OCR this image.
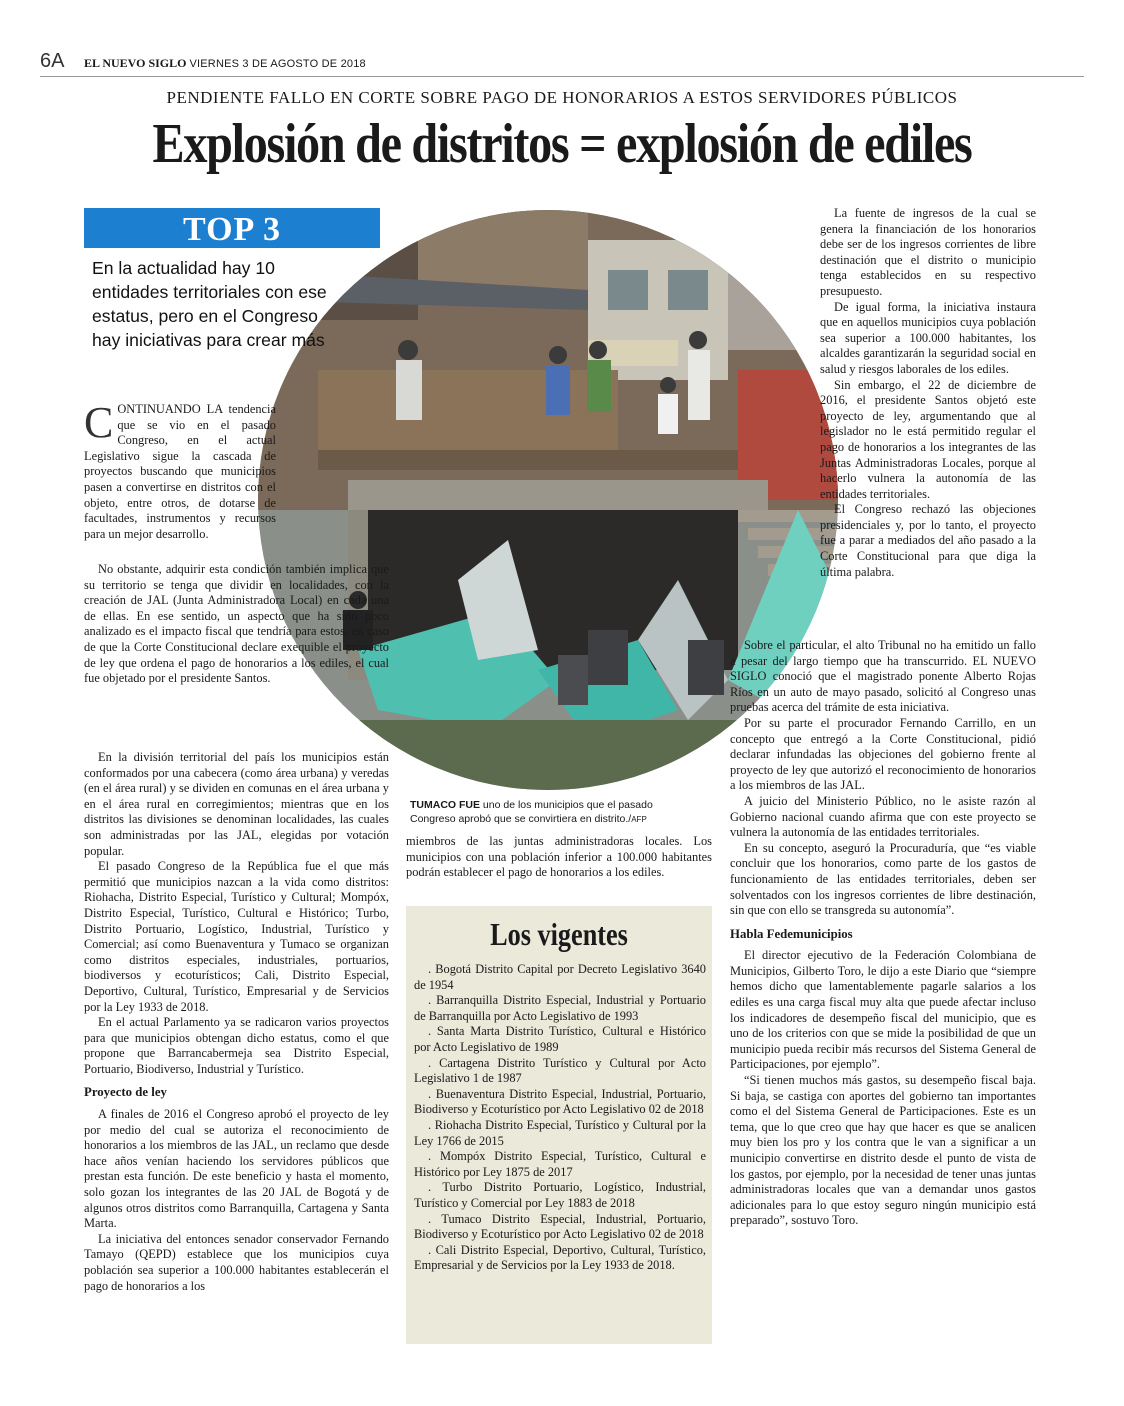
6A EL NUEVO SIGLO VIERNES 3 DE AGOSTO DE 2018
PENDIENTE FALLO EN CORTE SOBRE PAGO DE HONORARIOS A ESTOS SERVIDORES PÚBLICOS
Explosión de distritos = explosión de ediles
TOP 3
En la actualidad hay 10 entidades territoriales con ese estatus, pero en el Congreso hay iniciativas para crear más
TUMACO FUE uno de los municipios que el pasado Congreso aprobó que se convirtiera en distrito./AFP

CONTINUANDO LA tendencia que se vio en el pasado Congreso, en el actual Legislativo sigue la cascada de proyectos buscando que municipios pasen a convertirse en distritos con el objeto, entre otros, de dotarse de facultades, instrumentos y recursos para un mejor desarrollo.

No obstante, adquirir esta condición también implica que su territorio se tenga que dividir en localidades, con la creación de JAL (Junta Administradora Local) en cada una de ellas. En ese sentido, un aspecto que ha sido poco analizado es el impacto fiscal que tendría para estos, en caso de que la Corte Constitucional declare exequible el proyecto de ley que ordena el pago de honorarios a los ediles, el cual fue objetado por el presidente Santos.

En la división territorial del país los municipios están conformados por una cabecera (como área urbana) y veredas (en el área rural) y se dividen en comunas en el área urbana y en el área rural en corregimientos; mientras que en los distritos las divisiones se denominan localidades, las cuales son administradas por las JAL, elegidas por votación popular.

El pasado Congreso de la República fue el que más permitió que municipios nazcan a la vida como distritos: Riohacha, Distrito Especial, Turístico y Cultural; Mompóx, Distrito Especial, Turístico, Cultural e Histórico; Turbo, Distrito Portuario, Logístico, Industrial, Turístico y Comercial; así como Buenaventura y Tumaco se organizan como distritos especiales, industriales, portuarios, biodiversos y ecoturísticos; Cali, Distrito Especial, Deportivo, Cultural, Turístico, Empresarial y de Servicios por la Ley 1933 de 2018.

En el actual Parlamento ya se radicaron varios proyectos para que municipios obtengan dicho estatus, como el que propone que Barrancabermeja sea Distrito Especial, Portuario, Biodiverso, Industrial y Turístico.

Proyecto de ley

A finales de 2016 el Congreso aprobó el proyecto de ley por medio del cual se autoriza el reconocimiento de honorarios a los miembros de las JAL, un reclamo que desde hace años venían haciendo los servidores públicos que prestan esta función. De este beneficio y hasta el momento, solo gozan los integrantes de las 20 JAL de Bogotá y de algunos otros distritos como Barranquilla, Cartagena y Santa Marta.

La iniciativa del entonces senador conservador Fernando Tamayo (QEPD) establece que los municipios cuya población sea superior a 100.000 habitantes establecerán el pago de honorarios a los

miembros de las juntas administradoras locales. Los municipios con una población inferior a 100.000 habitantes podrán establecer el pago de honorarios a los ediles.

Los vigentes
. Bogotá Distrito Capital por Decreto Legislativo 3640 de 1954
. Barranquilla Distrito Especial, Industrial y Portuario de Barranquilla por Acto Legislativo de 1993
. Santa Marta Distrito Turístico, Cultural e Histórico por Acto Legislativo de 1989
. Cartagena Distrito Turístico y Cultural por Acto Legislativo 1 de 1987
. Buenaventura Distrito Especial, Industrial, Portuario, Biodiverso y Ecoturístico por Acto Legislativo 02 de 2018
. Riohacha Distrito Especial, Turístico y Cultural por la Ley 1766 de 2015
. Mompóx Distrito Especial, Turístico, Cultural e Histórico por Ley 1875 de 2017
. Turbo Distrito Portuario, Logístico, Industrial, Turístico y Comercial por Ley 1883 de 2018
. Tumaco Distrito Especial, Industrial, Portuario, Biodiverso y Ecoturístico por Acto Legislativo 02 de 2018
. Cali Distrito Especial, Deportivo, Cultural, Turístico, Empresarial y de Servicios por la Ley 1933 de 2018.

La fuente de ingresos de la cual se genera la financiación de los honorarios debe ser de los ingresos corrientes de libre destinación que el distrito o municipio tenga establecidos en su respectivo presupuesto.

De igual forma, la iniciativa instaura que en aquellos municipios cuya población sea superior a 100.000 habitantes, los alcaldes garantizarán la seguridad social en salud y riesgos laborales de los ediles.

Sin embargo, el 22 de diciembre de 2016, el presidente Santos objetó este proyecto de ley, argumentando que al legislador no le está permitido regular el pago de honorarios a los integrantes de las Juntas Administradoras Locales, porque al hacerlo vulnera la autonomía de las entidades territoriales.

El Congreso rechazó las objeciones presidenciales y, por lo tanto, el proyecto fue a parar a mediados del año pasado a la Corte Constitucional para que diga la última palabra.

Sobre el particular, el alto Tribunal no ha emitido un fallo a pesar del largo tiempo que ha transcurrido. EL NUEVO SIGLO conoció que el magistrado ponente Alberto Rojas Ríos en un auto de mayo pasado, solicitó al Congreso unas pruebas acerca del trámite de esta iniciativa.

Por su parte el procurador Fernando Carrillo, en un concepto que entregó a la Corte Constitucional, pidió declarar infundadas las objeciones del gobierno frente al proyecto de ley que autorizó el reconocimiento de honorarios a los miembros de las JAL.

A juicio del Ministerio Público, no le asiste razón al Gobierno nacional cuando afirma que con este proyecto se vulnera la autonomía de las entidades territoriales.

En su concepto, aseguró la Procuraduría, que “es viable concluir que los honorarios, como parte de los gastos de funcionamiento de las entidades territoriales, deben ser solventados con los ingresos corrientes de libre destinación, sin que con ello se transgreda su autonomía”.

Habla Fedemunicipios

El director ejecutivo de la Federación Colombiana de Municipios, Gilberto Toro, le dijo a este Diario que “siempre hemos dicho que lamentablemente pagarle salarios a los ediles es una carga fiscal muy alta que puede afectar incluso los indicadores de desempeño fiscal del municipio, que es uno de los criterios con que se mide la posibilidad de que un municipio pueda recibir más recursos del Sistema General de Participaciones, por ejemplo”.

“Si tienen muchos más gastos, su desempeño fiscal baja. Si baja, se castiga con aportes del gobierno tan importantes como el del Sistema General de Participaciones. Este es un tema, que lo que creo que hay que hacer es que se analicen muy bien los pro y los contra que le van a significar a un municipio convertirse en distrito desde el punto de vista de los gastos, por ejemplo, por la necesidad de tener unas juntas administradoras locales que van a demandar unos gastos adicionales para lo que estoy seguro ningún municipio está preparado”, sostuvo Toro.
